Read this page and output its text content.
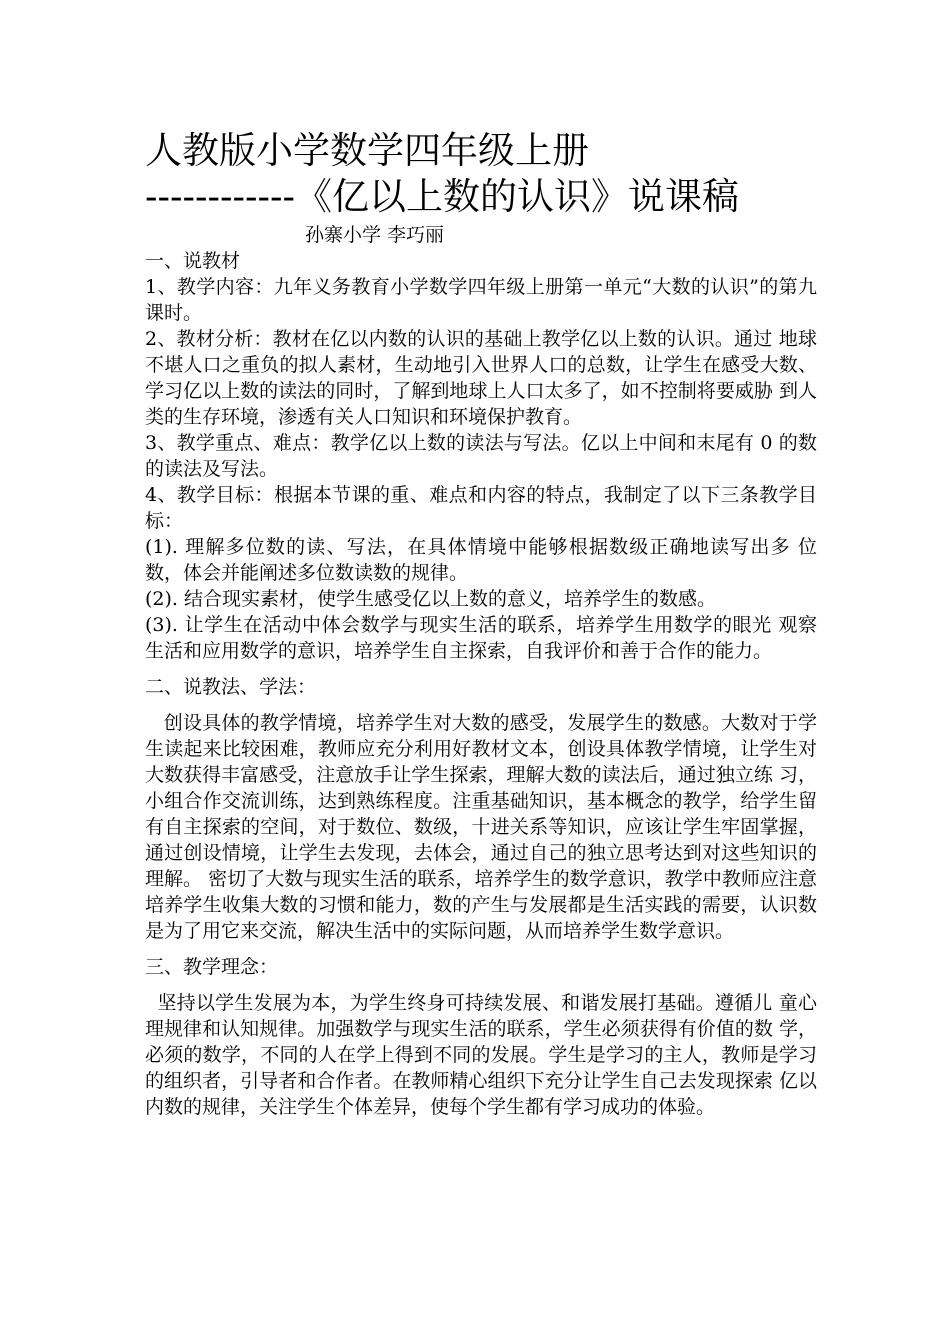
人教版小学数学四年级上册
------------《亿以上数的认识》说课稿
孙寨小学 李巧丽
一、说教材

1、教学内容：九年义务教育小学数学四年级上册第一单元“大数的认识”的第九课时。

2、教材分析：教材在亿以内数的认识的基础上教学亿以上数的认识。通过 地球不堪人口之重负的拟人素材，生动地引入世界人口的总数，让学生在感受大数、学习亿以上数的读法的同时，了解到地球上人口太多了，如不控制将要威胁 到人类的生存环境，渗透有关人口知识和环境保护教育。

3、教学重点、难点：教学亿以上数的读法与写法。亿以上中间和末尾有 0 的数的读法及写法。

4、教学目标：根据本节课的重、难点和内容的特点，我制定了以下三条教学目标：

(1). 理解多位数的读、写法，在具体情境中能够根据数级正确地读写出多 位数，体会并能阐述多位数读数的规律。

(2). 结合现实素材，使学生感受亿以上数的意义，培养学生的数感。

(3). 让学生在活动中体会数学与现实生活的联系，培养学生用数学的眼光 观察生活和应用数学的意识，培养学生自主探索，自我评价和善于合作的能力。

二、说教法、学法：

创设具体的教学情境，培养学生对大数的感受，发展学生的数感。大数对于学生读起来比较困难，教师应充分利用好教材文本，创设具体教学情境，让学生对大数获得丰富感受，注意放手让学生探索，理解大数的读法后，通过独立练 习，小组合作交流训练，达到熟练程度。注重基础知识，基本概念的教学，给学生留有自主探索的空间，对于数位、数级，十进关系等知识，应该让学生牢固掌握，通过创设情境，让学生去发现，去体会，通过自己的独立思考达到对这些知识的理解。 密切了大数与现实生活的联系，培养学生的数学意识，教学中教师应注意 培养学生收集大数的习惯和能力，数的产生与发展都是生活实践的需要，认识数 是为了用它来交流，解决生活中的实际问题，从而培养学生数学意识。

三、教学理念：

坚持以学生发展为本，为学生终身可持续发展、和谐发展打基础。遵循儿 童心理规律和认知规律。加强数学与现实生活的联系，学生必须获得有价值的数 学，必须的数学，不同的人在学上得到不同的发展。学生是学习的主人，教师是学习的组织者，引导者和合作者。在教师精心组织下充分让学生自己去发现探索 亿以内数的规律，关注学生个体差异，使每个学生都有学习成功的体验。
